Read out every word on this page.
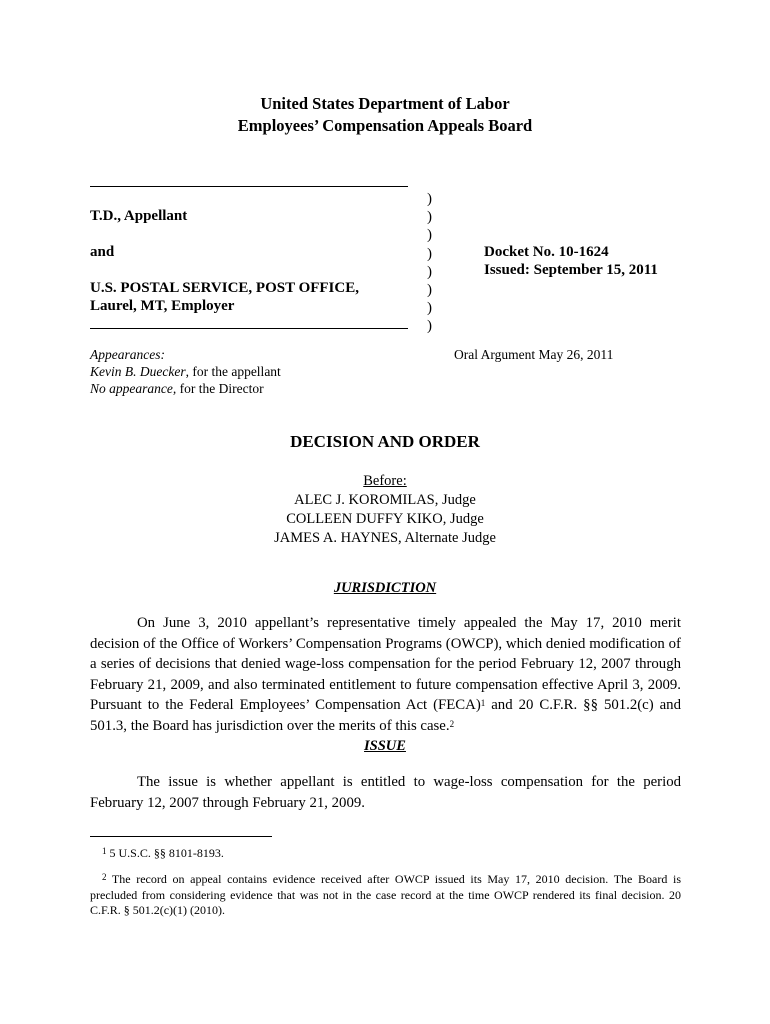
United States Department of Labor
Employees’ Compensation Appeals Board
T.D., Appellant
and
U.S. POSTAL SERVICE, POST OFFICE,
Laurel, MT, Employer
)
)
)
)
)
)
)
)
Docket No. 10-1624
Issued: September 15, 2011
Appearances:
Kevin B. Duecker, for the appellant
No appearance, for the Director
Oral Argument May 26, 2011
DECISION AND ORDER
Before:
ALEC J. KOROMILAS, Judge
COLLEEN DUFFY KIKO, Judge
JAMES A. HAYNES, Alternate Judge
JURISDICTION
On June 3, 2010 appellant’s representative timely appealed the May 17, 2010 merit decision of the Office of Workers’ Compensation Programs (OWCP), which denied modification of a series of decisions that denied wage-loss compensation for the period February 12, 2007 through February 21, 2009, and also terminated entitlement to future compensation effective April 3, 2009. Pursuant to the Federal Employees’ Compensation Act (FECA)$^1$ and 20 C.F.R. §§ 501.2(c) and 501.3, the Board has jurisdiction over the merits of this case.$^2$
ISSUE
The issue is whether appellant is entitled to wage-loss compensation for the period February 12, 2007 through February 21, 2009.
$^1$ 5 U.S.C. §§ 8101-8193.
$^2$ The record on appeal contains evidence received after OWCP issued its May 17, 2010 decision. The Board is precluded from considering evidence that was not in the case record at the time OWCP rendered its final decision. 20 C.F.R. § 501.2(c)(1) (2010).
